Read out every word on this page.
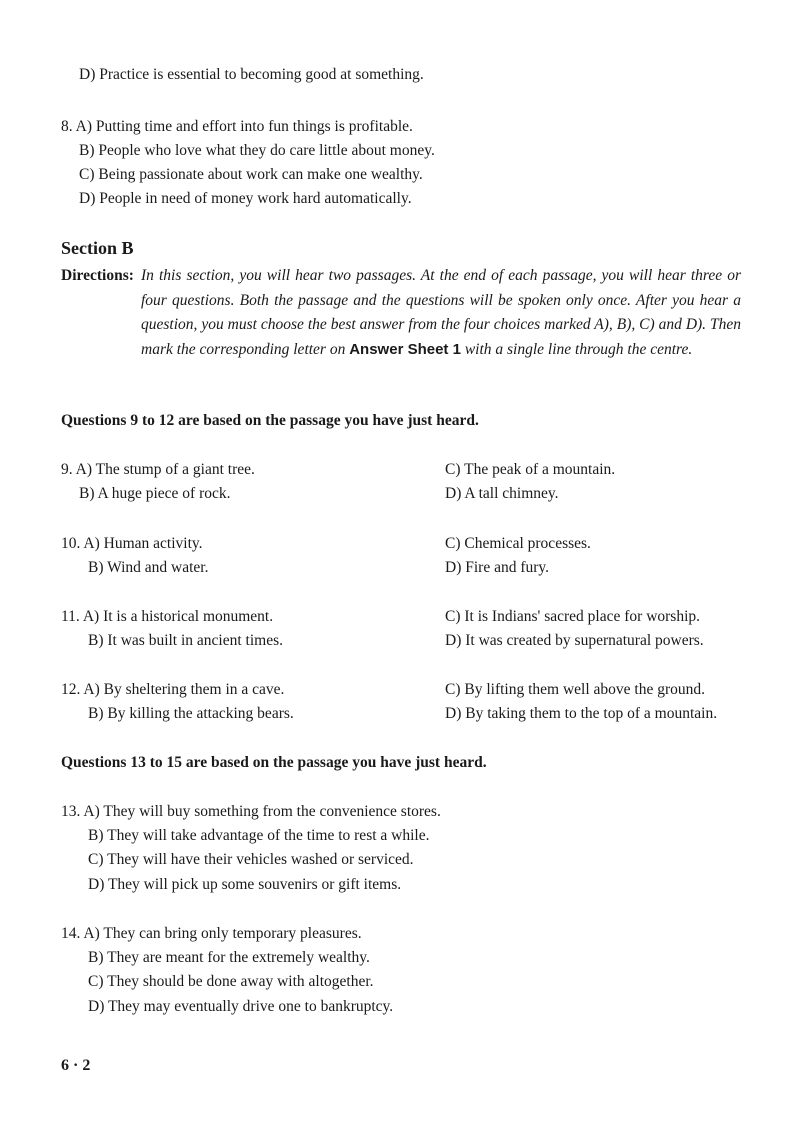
D) Practice is essential to becoming good at something.
8. A) Putting time and effort into fun things is profitable.
B) People who love what they do care little about money.
C) Being passionate about work can make one wealthy.
D) People in need of money work hard automatically.
Section B
Directions: In this section, you will hear two passages. At the end of each passage, you will hear three or four questions. Both the passage and the questions will be spoken only once. After you hear a question, you must choose the best answer from the four choices marked A), B), C) and D). Then mark the corresponding letter on Answer Sheet 1 with a single line through the centre.
Questions 9 to 12 are based on the passage you have just heard.
9. A) The stump of a giant tree.
B) A huge piece of rock.
C) The peak of a mountain.
D) A tall chimney.
10. A) Human activity.
B) Wind and water.
C) Chemical processes.
D) Fire and fury.
11. A) It is a historical monument.
B) It was built in ancient times.
C) It is Indians' sacred place for worship.
D) It was created by supernatural powers.
12. A) By sheltering them in a cave.
B) By killing the attacking bears.
C) By lifting them well above the ground.
D) By taking them to the top of a mountain.
Questions 13 to 15 are based on the passage you have just heard.
13. A) They will buy something from the convenience stores.
B) They will take advantage of the time to rest a while.
C) They will have their vehicles washed or serviced.
D) They will pick up some souvenirs or gift items.
14. A) They can bring only temporary pleasures.
B) They are meant for the extremely wealthy.
C) They should be done away with altogether.
D) They may eventually drive one to bankruptcy.
6 · 2
